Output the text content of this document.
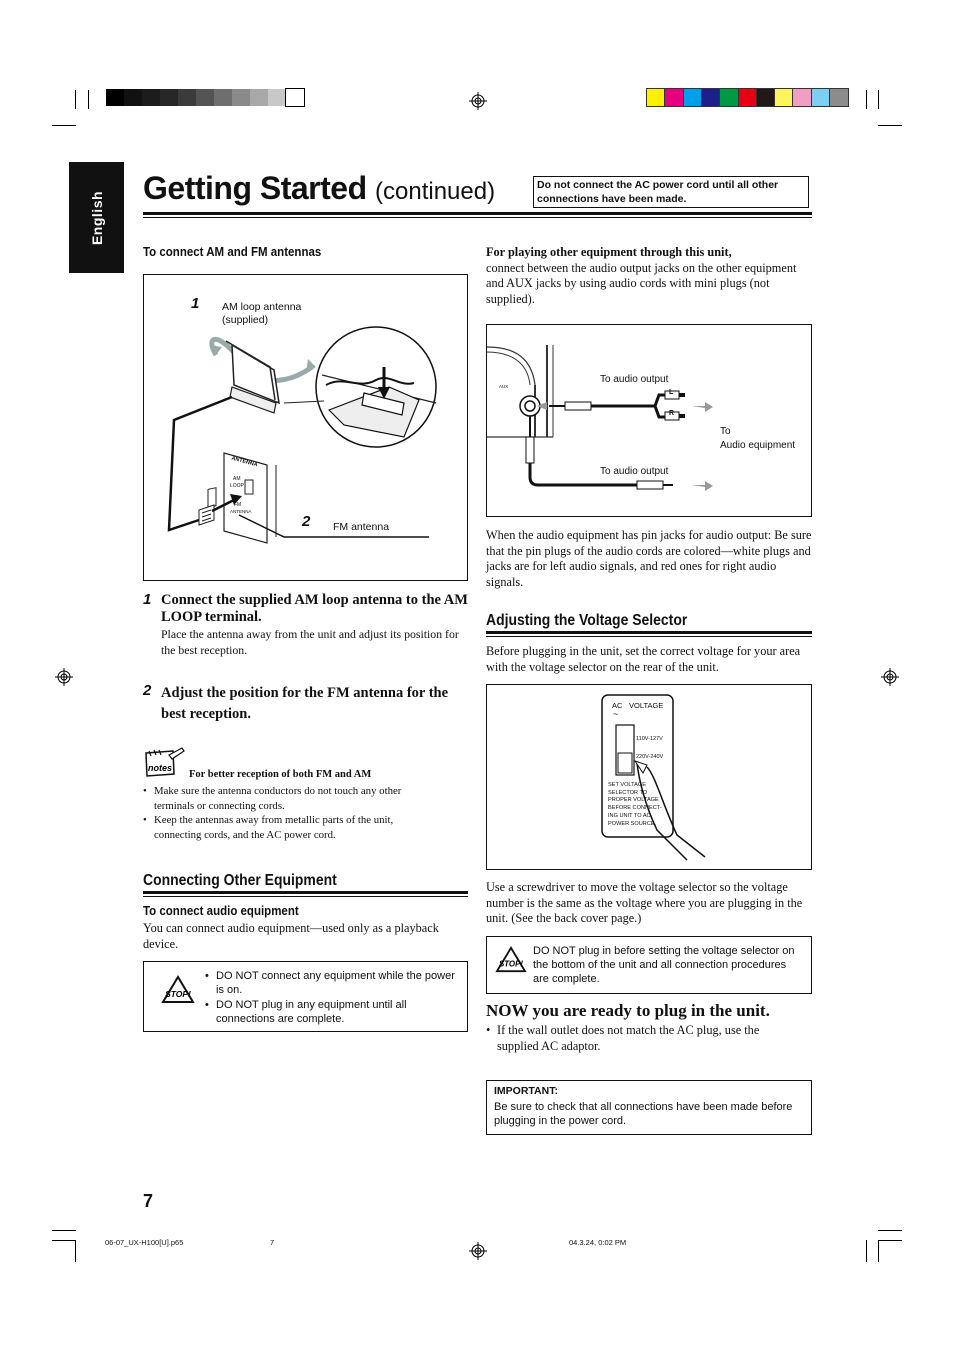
English
Getting Started (continued)	Do not connect the AC power cord until all other connections have been made.
To connect AM and FM antennas
1 AM loop antenna
(supplied)
2 FM antenna
ANTENNA
AM
LOOP
FM
ANTENNA
1 Connect the supplied AM loop antenna to the AM LOOP terminal.
Place the antenna away from the unit and adjust its position for the best reception.
2 Adjust the position for the FM antenna for the best reception.
notes
For better reception of both FM and AM
• Make sure the antenna conductors do not touch any other terminals or connecting cords.
• Keep the antennas away from metallic parts of the unit, connecting cords, and the AC power cord.
Connecting Other Equipment
To connect audio equipment
You can connect audio equipment—used only as a playback device.
STOP!
• DO NOT connect any equipment while the power is on.
• DO NOT plug in any equipment until all connections are complete.
For playing other equipment through this unit,
connect between the audio output jacks on the other equipment and AUX jacks by using audio cords with mini plugs (not supplied).
AUX
To audio output
To audio output
To
Audio equipment
L
R
When the audio equipment has pin jacks for audio output: Be sure that the pin plugs of the audio cords are colored—white plugs and jacks are for left audio signals, and red ones for right audio signals.
Adjusting the Voltage Selector
Before plugging in the unit, set the correct voltage for your area with the voltage selector on the rear of the unit.
AC VOLTAGE
~
110V-127V
220V-240V
SET VOLTAGE
SELECTOR TO
PROPER VOLTAGE
BEFORE CONNECT-
ING UNIT TO AC
POWER SOURCE.
Use a screwdriver to move the voltage selector so the voltage number is the same as the voltage where you are plugging in the unit. (See the back cover page.)
STOP!
DO NOT plug in before setting the voltage selector on the bottom of the unit and all connection procedures are complete.
NOW you are ready to plug in the unit.
• If the wall outlet does not match the AC plug, use the supplied AC adaptor.
IMPORTANT:
Be sure to check that all connections have been made before plugging in the power cord.
7
06-07_UX-H100[U].p65	7	04.3.24, 0:02 PM
